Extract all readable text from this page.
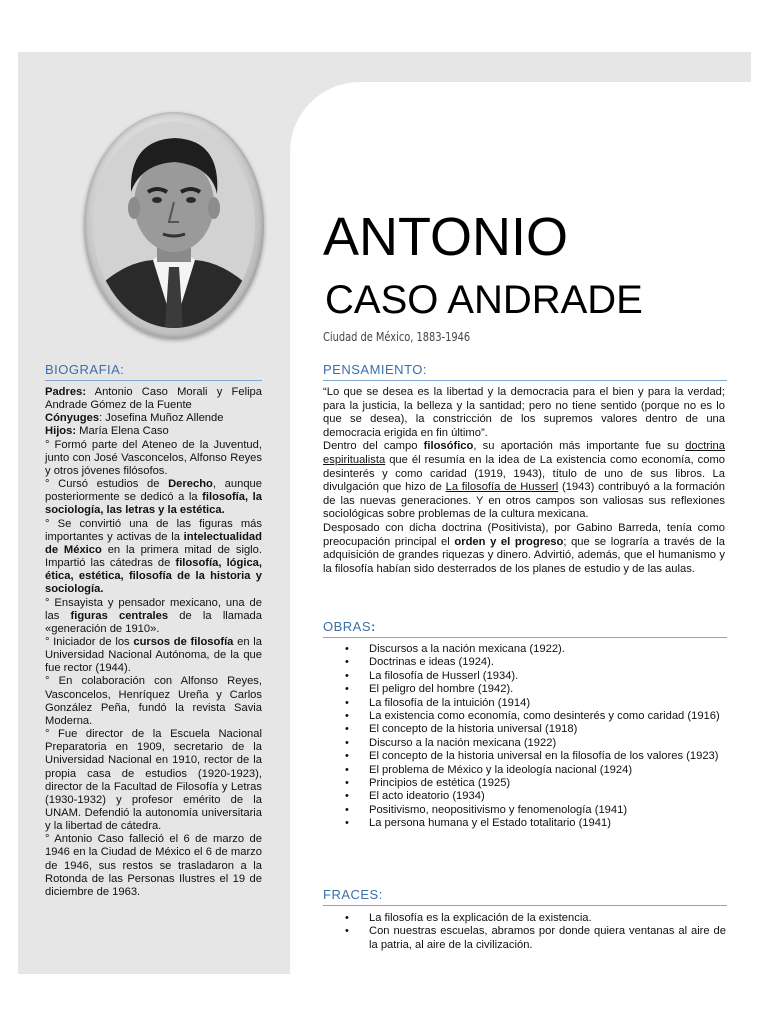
ANTONIO
CASO ANDRADE
Ciudad de México, 1883-1946
BIOGRAFIA:

Padres: Antonio Caso Morali y Felipa Andrade Gómez de la Fuente

Cónyuges: Josefina Muñoz Allende

Hijos: María Elena Caso

° Formó parte del Ateneo de la Juventud, junto con José Vasconcelos, Alfonso Reyes y otros jóvenes filósofos.

° Cursó estudios de Derecho, aunque posteriormente se dedicó a la filosofía, la sociología, las letras y la estética.

° Se convirtió una de las figuras más importantes y activas de la intelectualidad de México en la primera mitad de siglo. Impartió las cátedras de filosofía, lógica, ética, estética, filosofía de la historia y sociología.

° Ensayista y pensador mexicano, una de las figuras centrales de la llamada «generación de 1910».

° Iniciador de los cursos de filosofía en la Universidad Nacional Autónoma, de la que fue rector (1944).

° En colaboración con Alfonso Reyes, Vasconcelos, Henríquez Ureña y Carlos González Peña, fundó la revista Savia Moderna.

° Fue director de la Escuela Nacional Preparatoria en 1909, secretario de la Universidad Nacional en 1910, rector de la propia casa de estudios (1920-1923), director de la Facultad de Filosofía y Letras (1930-1932) y profesor emérito de la UNAM. Defendió la autonomía universitaria y la libertad de cátedra.

° Antonio Caso falleció el 6 de marzo de 1946 en la Ciudad de México el 6 de marzo de 1946, sus restos se trasladaron a la Rotonda de las Personas Ilustres el 19 de diciembre de 1963.

PENSAMIENTO:

“Lo que se desea es la libertad y la democracia para el bien y para la verdad; para la justicia, la belleza y la santidad; pero no tiene sentido (porque no es lo que se desea), la constricción de los supremos valores dentro de una democracia erigida en fin último”.

Dentro del campo filosófico, su aportación más importante fue su doctrina espiritualista que él resumía en la idea de La existencia como economía, como desinterés y como caridad (1919, 1943), título de uno de sus libros. La divulgación que hizo de La filosofía de Husserl (1943) contribuyó a la formación de las nuevas generaciones. Y en otros campos son valiosas sus reflexiones sociológicas sobre problemas de la cultura mexicana.

Desposado con dicha doctrina (Positivista), por Gabino Barreda, tenía como preocupación principal el orden y el progreso; que se lograría a través de la adquisición de grandes riquezas y dinero. Advirtió, además, que el humanismo y la filosofía habían sido desterrados de los planes de estudio y de las aulas.

OBRAS:
• Discursos a la nación mexicana (1922).
• Doctrinas e ideas (1924).
• La filosofía de Husserl (1934).
• El peligro del hombre (1942).
• La filosofía de la intuición (1914)
• La existencia como economía, como desinterés y como caridad (1916)
• El concepto de la historia universal (1918)
• Discurso a la nación mexicana (1922)
• El concepto de la historia universal en la filosofía de los valores (1923)
• El problema de México y la ideología nacional (1924)
• Principios de estética (1925)
• El acto ideatorio (1934)
• Positivismo, neopositivismo y fenomenología (1941)
• La persona humana y el Estado totalitario (1941)
FRACES:
• La filosofía es la explicación de la existencia.
• Con nuestras escuelas, abramos por donde quiera ventanas al aire de la patria, al aire de la civilización.
